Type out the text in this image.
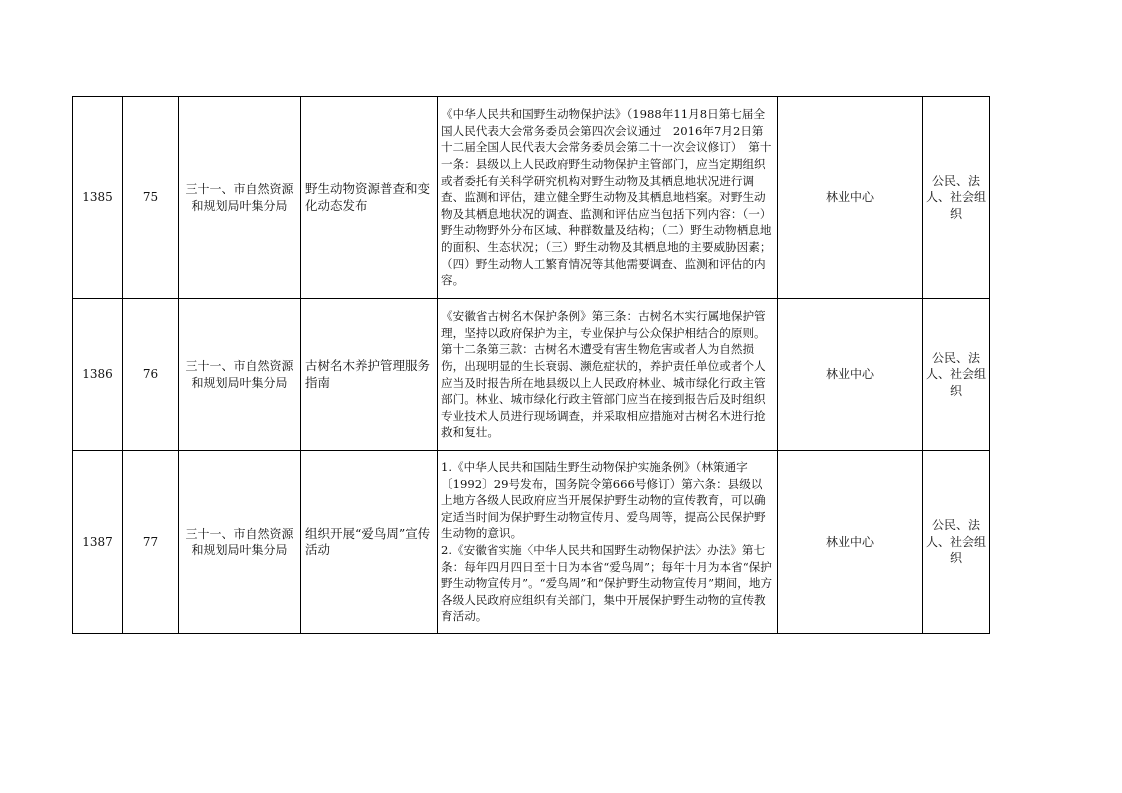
1385	75	三十一、市自然资源和规划局叶集分局	野生动物资源普查和变化动态发布	《中华人民共和国野生动物保护法》（1988年11月8日第七届全国人民代表大会常务委员会第四次会议通过　2016年7月2日第十二届全国人民代表大会常务委员会第二十一次会议修订）　第十一条：县级以上人民政府野生动物保护主管部门，应当定期组织或者委托有关科学研究机构对野生动物及其栖息地状况进行调查、监测和评估，建立健全野生动物及其栖息地档案。对野生动物及其栖息地状况的调查、监测和评估应当包括下列内容：（一）野生动物野外分布区域、种群数量及结构；（二）野生动物栖息地的面积、生态状况；（三）野生动物及其栖息地的主要威胁因素；（四）野生动物人工繁育情况等其他需要调查、监测和评估的内容。	林业中心	公民、法人、社会组织
1386	76	三十一、市自然资源和规划局叶集分局	古树名木养护管理服务指南	《安徽省古树名木保护条例》第三条：古树名木实行属地保护管理，坚持以政府保护为主，专业保护与公众保护相结合的原则。第十二条第三款：古树名木遭受有害生物危害或者人为自然损伤，出现明显的生长衰弱、濒危症状的，养护责任单位或者个人应当及时报告所在地县级以上人民政府林业、城市绿化行政主管部门。林业、城市绿化行政主管部门应当在接到报告后及时组织专业技术人员进行现场调查，并采取相应措施对古树名木进行抢救和复壮。	林业中心	公民、法人、社会组织
1387	77	三十一、市自然资源和规划局叶集分局	组织开展“爱鸟周”宣传活动	1.《中华人民共和国陆生野生动物保护实施条例》（林策通字〔1992〕29号发布，国务院令第666号修订）第六条：县级以上地方各级人民政府应当开展保护野生动物的宣传教育，可以确定适当时间为保护野生动物宣传月、爱鸟周等，提高公民保护野生动物的意识。
2.《安徽省实施〈中华人民共和国野生动物保护法〉办法》第七条：每年四月四日至十日为本省“爱鸟周”；每年十月为本省“保护野生动物宣传月”。“爱鸟周”和“保护野生动物宣传月”期间，地方各级人民政府应组织有关部门，集中开展保护野生动物的宣传教育活动。	林业中心	公民、法人、社会组织
